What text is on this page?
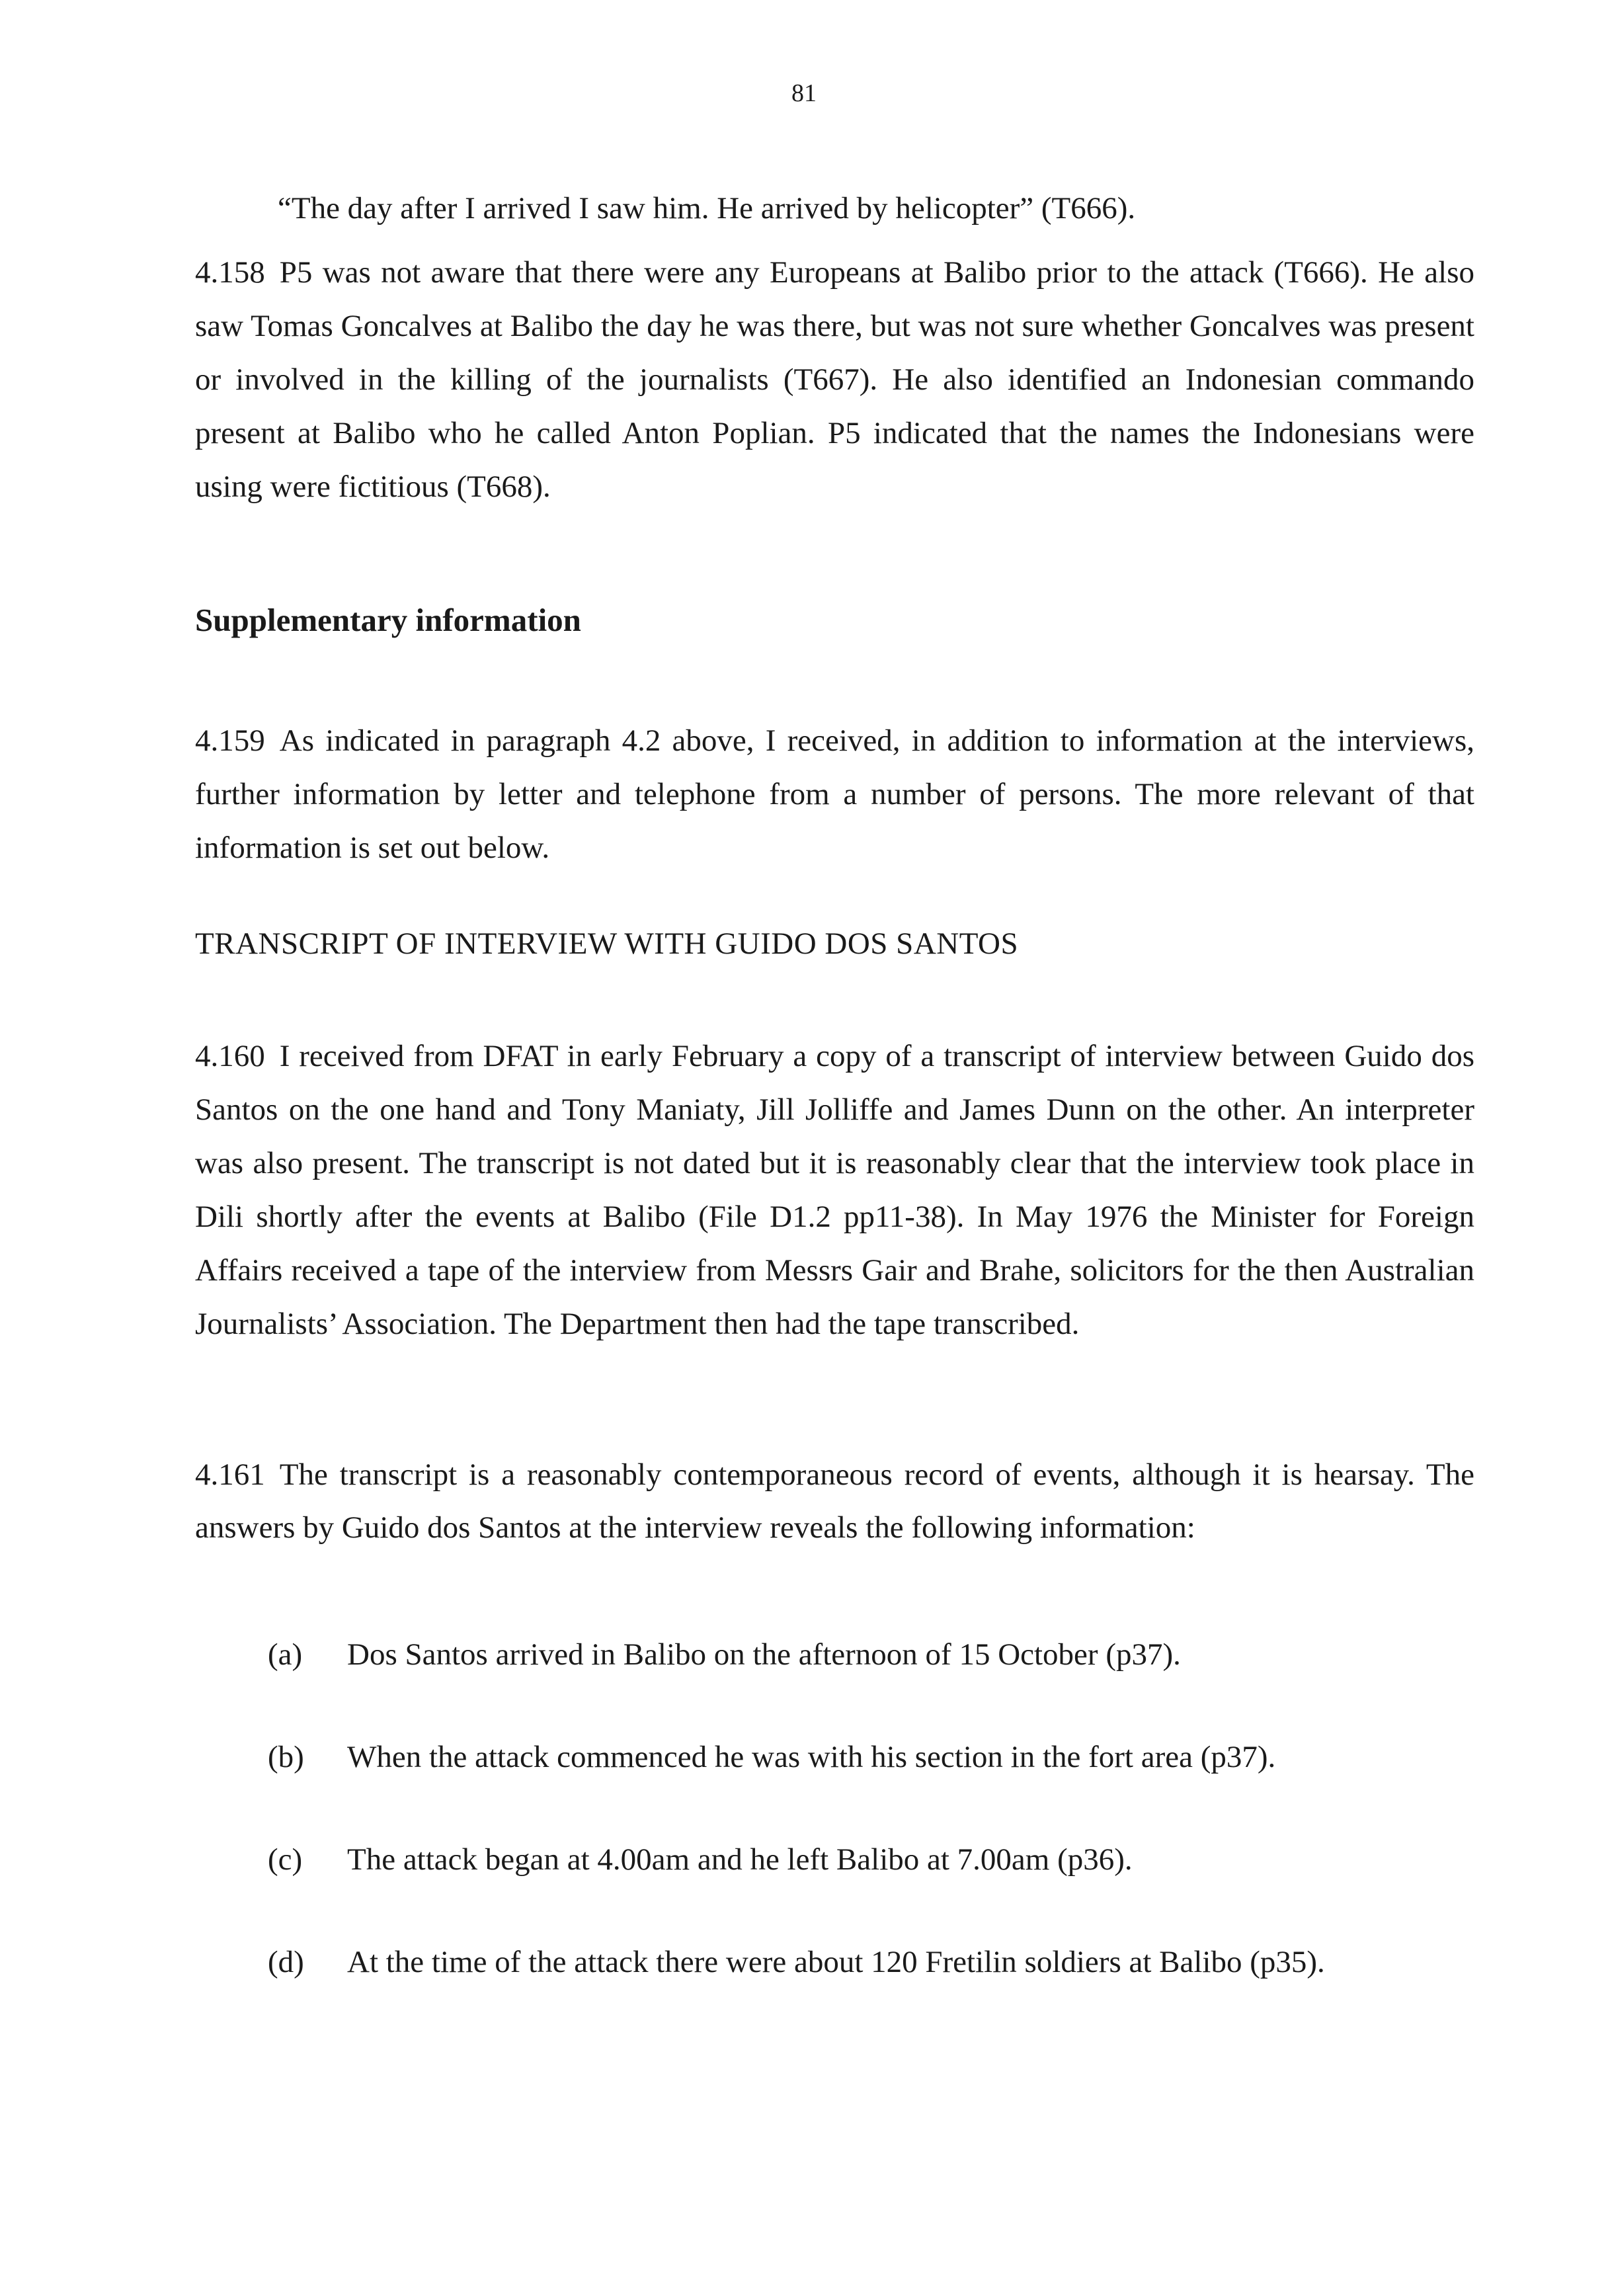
81
“The day after I arrived I saw him. He arrived by helicopter” (T666).
4.158 P5 was not aware that there were any Europeans at Balibo prior to the attack (T666). He also saw Tomas Goncalves at Balibo the day he was there, but was not sure whether Goncalves was present or involved in the killing of the journalists (T667). He also identified an Indonesian commando present at Balibo who he called Anton Poplian. P5 indicated that the names the Indonesians were using were fictitious (T668).
Supplementary information
4.159 As indicated in paragraph 4.2 above, I received, in addition to information at the interviews, further information by letter and telephone from a number of persons. The more relevant of that information is set out below.
TRANSCRIPT OF INTERVIEW WITH GUIDO DOS SANTOS
4.160 I received from DFAT in early February a copy of a transcript of interview between Guido dos Santos on the one hand and Tony Maniaty, Jill Jolliffe and James Dunn on the other. An interpreter was also present. The transcript is not dated but it is reasonably clear that the interview took place in Dili shortly after the events at Balibo (File D1.2 pp11-38). In May 1976 the Minister for Foreign Affairs received a tape of the interview from Messrs Gair and Brahe, solicitors for the then Australian Journalists’ Association. The Department then had the tape transcribed.
4.161 The transcript is a reasonably contemporaneous record of events, although it is hearsay. The answers by Guido dos Santos at the interview reveals the following information:
(a) Dos Santos arrived in Balibo on the afternoon of 15 October (p37).
(b) When the attack commenced he was with his section in the fort area (p37).
(c) The attack began at 4.00am and he left Balibo at 7.00am (p36).
(d) At the time of the attack there were about 120 Fretilin soldiers at Balibo (p35).
